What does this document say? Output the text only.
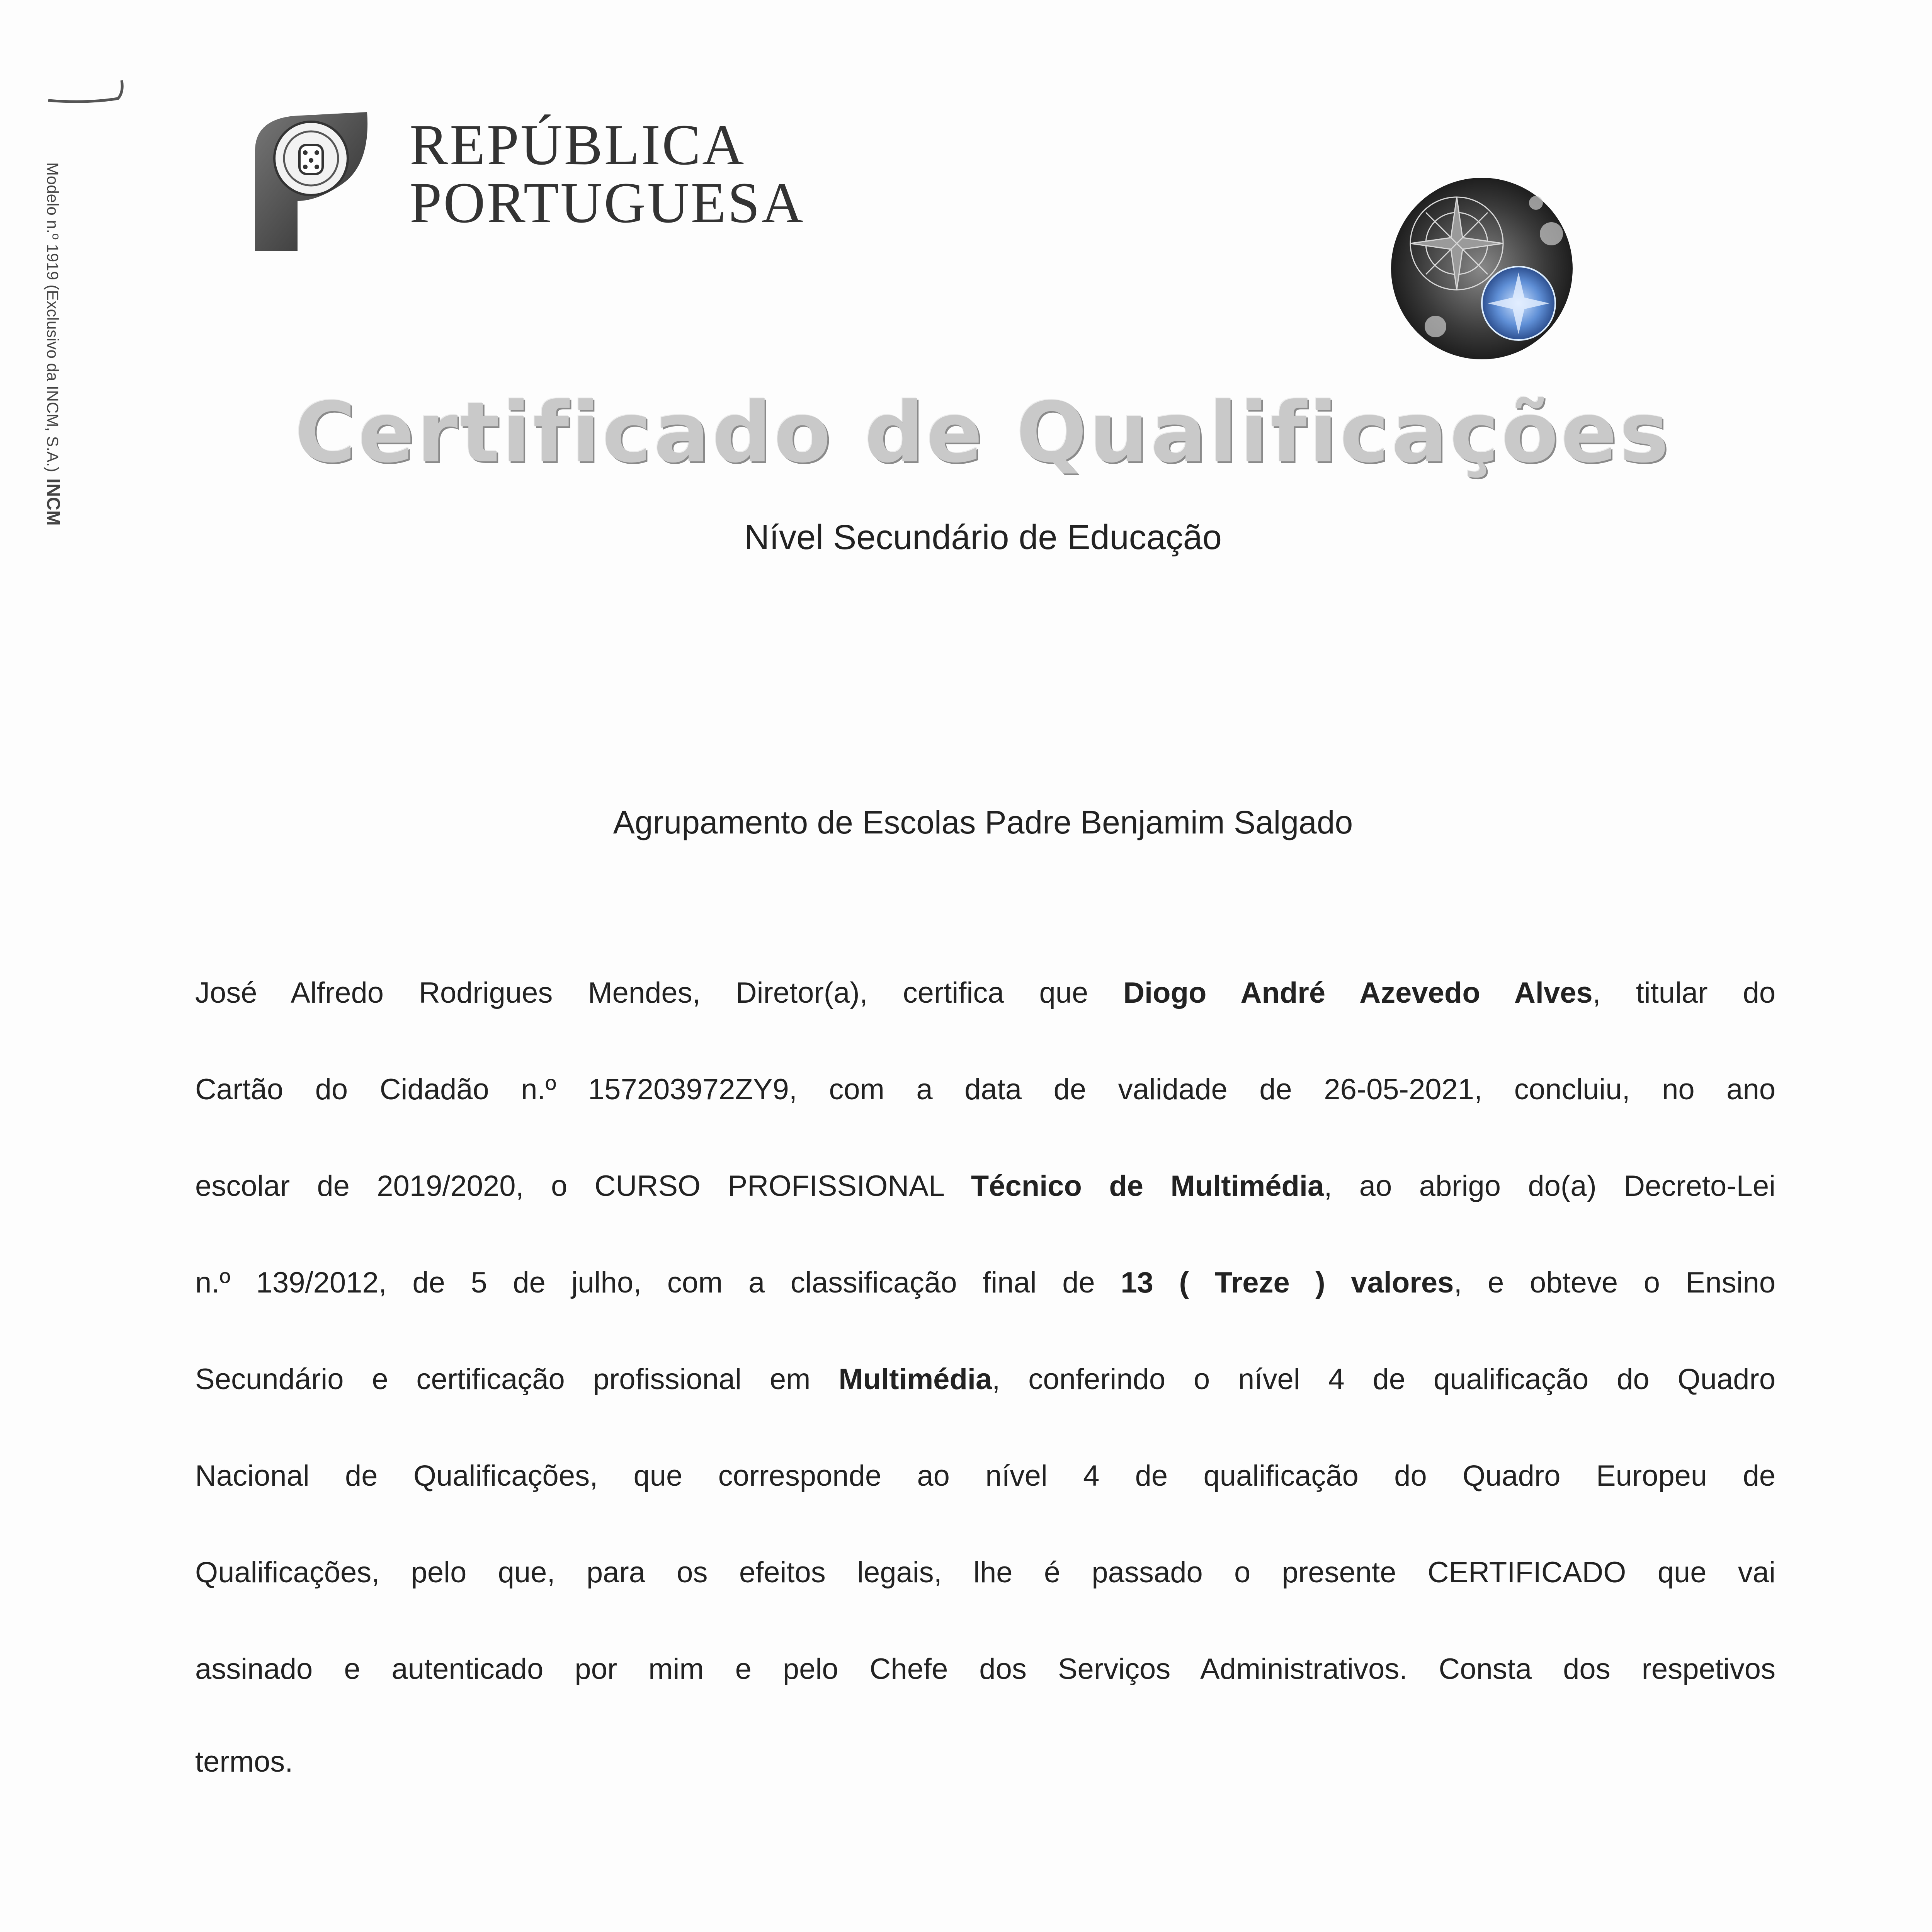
Modelo n.º 1919 (Exclusivo da INCM, S.A.)INCM
REPÚBLICA
PORTUGUESA
Certificado de Qualificações
Nível Secundário de Educação
Agrupamento de Escolas Padre Benjamim Salgado
José Alfredo Rodrigues Mendes, Diretor(a), certifica que Diogo André Azevedo Alves, titular do
Cartão do Cidadão n.º 157203972ZY9, com a data de validade de 26-05-2021, concluiu, no ano
escolar de 2019/2020, o CURSO PROFISSIONAL Técnico de Multimédia, ao abrigo do(a) Decreto-Lei
n.º 139/2012, de 5 de julho, com a classificação final de 13 ( Treze ) valores, e obteve o Ensino
Secundário e certificação profissional em Multimédia, conferindo o nível 4 de qualificação do Quadro
Nacional de Qualificações, que corresponde ao nível 4 de qualificação do Quadro Europeu de
Qualificações, pelo que, para os efeitos legais, lhe é passado o presente CERTIFICADO que vai
assinado e autenticado por mim e pelo Chefe dos Serviços Administrativos. Consta dos respetivos
termos.
